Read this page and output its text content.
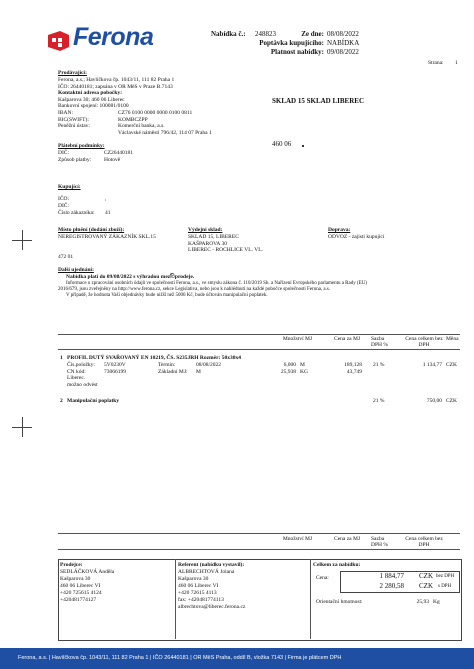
Ferona	Nabídka č.: 248823	Ze dne: 08/08/2022
Poptávka kupujícího: NABÍDKA
Platnost nabídky: 09/08/2022
Strana: 1
Prodávající:
Ferona, a.s.; Havlíčkova čp. 1043/11, 111 82 Praha 1
IČO: 26440181; zapsána v OR MěS v Praze B.7143
Kontaktní adresa pobočky:
Kašparova 30; 460 06 Liberec
Bankovní spojení: 100081/0100
IBAN:	CZ76 0100 0000 0000 0100 0811
BIC(SWIFT):	KOMBCZPP
Peněžní ústav:	Komerční banka, a.s.
Václavské náměstí 796/42, 114 07 Praha 1
SKLAD 15 SKLAD LIBEREC
460 06
Plátební podmínky:
DIČ:	CZ26440181
Způsob platby: Hotově
Kupující:
IČO:	,
DIČ:
Číslo zákazníka: 41
Místo plnění (dodání zboží):
NEREGISTROVANÝ ZÁKAZNÍK SKL.15
472 01
Výdejní sklad:
SKLAD 15, LIBEREC
KAŠPAROVA 30
LIBEREC - ROCHLICE VL. VL.
Doprava:
ODVOZ - zajistí kupující
Další ujednání:
Nabídka platí do 09/08/2022 s výhradou mezिprodeje.
Informace o zpracování osobních údajů ve společnosti Ferona, a.s., ve smyslu zákona č. 110/2019 Sb. a Nařízení Evropského parlamentu a Rady (EU)
2016/679, jsou zveřejněny na http://www.ferona.cz, sekce Legislativa, nebo jsou k nahlédnutí na každé pobočce společnosti Ferona, a.s.
V případě, že hodnota Vaší objednávky bude nižší než 5000 Kč, bude účtován manipulační poplatek.
Množství MJ	Cena za MJ Sazba DPH %
Cena celkem bez DPH
Měna
1 PROFIL DUTÝ SVAŘOVANÝ EN 10219, ČS. S235JRH Rozměr: 50x30x4
Čís.položky: 5V0230V	Termín:	08/08/2022	6,000 M	189,128 21 %	1 134,77 CZK
CN kód:	73066199	Základní MJ: M	25,938 KG	43,749
Liberec.
možno odvést
2 Manipulační poplatky	21 %	750,00 CZK
Množství MJ	Cena za MJ Sazba DPH %
Cena celkem bez DPH
Prodejce:
SEDLÁČKOVÁ Anděla
Kašparova 30
460 06 Liberec VI
+420 725615 4124
+420481774127
Referent (nabídku vystavil):
ALBRECHTOVÁ Jolana
Kašparova 30
460 06 Liberec VI
+420 72615 4113
fax: +420481774113
albrechtova@liberec.ferona.cz
Celkem za nabídku:
Cena:	1 884,77 CZK bez DPH
2 280,58 CZK s DPH
Orientační hmotnost:	25,93 Kg
Ferona, a.s. | Havlíčkova čp. 1043/11, 111 82 Praha 1 | IČO 26440181 | OR MěS Praha, oddíl B, vložka 7143 | Firma je plátcem DPH
